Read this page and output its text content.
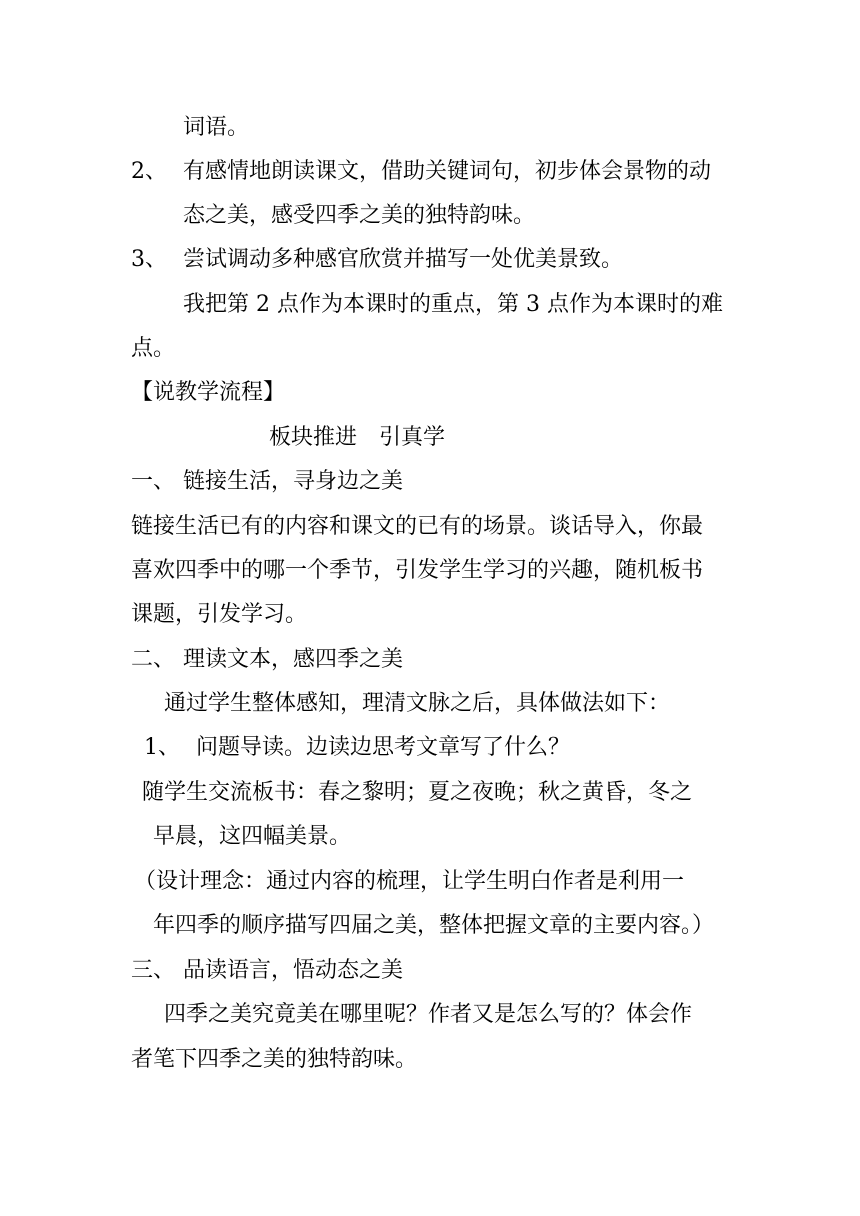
词语。
2、 有感情地朗读课文，借助关键词句，初步体会景物的动
态之美，感受四季之美的独特韵味。
3、 尝试调动多种感官欣赏并描写一处优美景致。
我把第 2 点作为本课时的重点，第 3 点作为本课时的难
点。
【说教学流程】
板块推进　引真学
一、 链接生活，寻身边之美
链接生活已有的内容和课文的已有的场景。谈话导入，你最
喜欢四季中的哪一个季节，引发学生学习的兴趣，随机板书
课题，引发学习。
二、 理读文本，感四季之美
通过学生整体感知，理清文脉之后，具体做法如下：
1、 问题导读。边读边思考文章写了什么？
随学生交流板书：春之黎明；夏之夜晚；秋之黄昏，冬之
早晨，这四幅美景。
（设计理念：通过内容的梳理，让学生明白作者是利用一
年四季的顺序描写四届之美，整体把握文章的主要内容。）
三、 品读语言，悟动态之美
四季之美究竟美在哪里呢？作者又是怎么写的？体会作
者笔下四季之美的独特韵味。
